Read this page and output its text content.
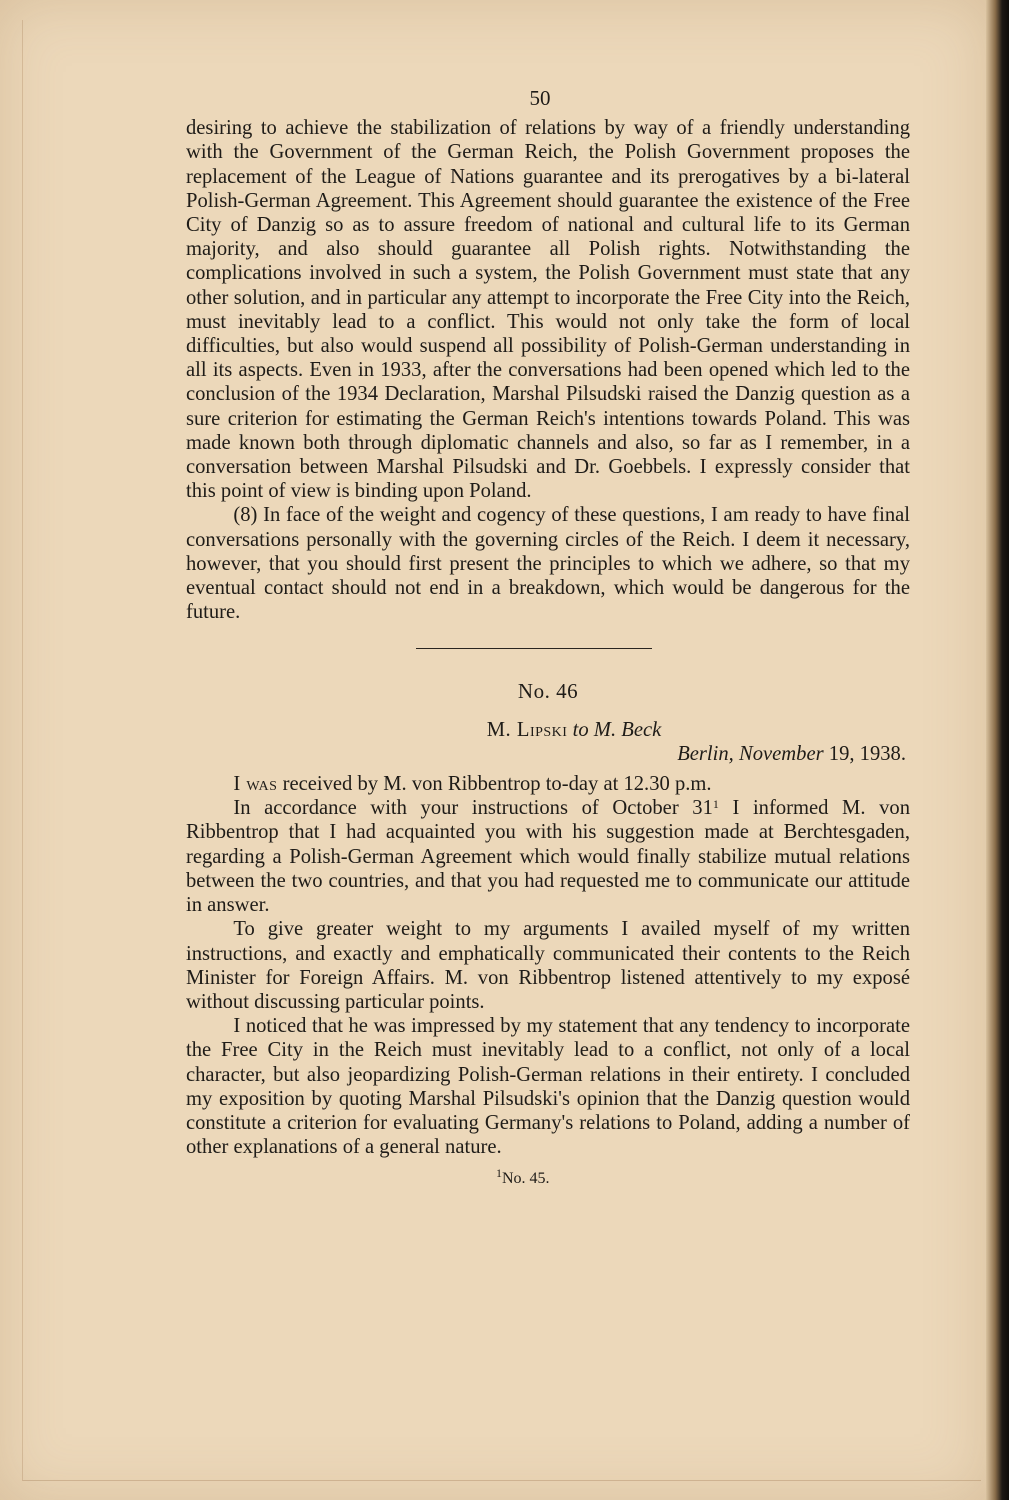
50

desiring to achieve the stabilization of relations by way of a friendly understanding with the Government of the German Reich, the Polish Government proposes the replacement of the League of Nations guarantee and its prerogatives by a bi-lateral Polish-German Agreement. This Agreement should guarantee the existence of the Free City of Danzig so as to assure freedom of national and cultural life to its German majority, and also should guarantee all Polish rights. Notwithstanding the complications involved in such a system, the Polish Government must state that any other solution, and in particular any attempt to incorporate the Free City into the Reich, must inevitably lead to a conflict. This would not only take the form of local difficulties, but also would suspend all possibility of Polish-German understanding in all its aspects. Even in 1933, after the conversations had been opened which led to the conclusion of the 1934 Declaration, Marshal Pilsudski raised the Danzig question as a sure criterion for estimating the German Reich's intentions towards Poland. This was made known both through diplomatic channels and also, so far as I remember, in a conversation between Marshal Pilsudski and Dr. Goebbels. I expressly consider that this point of view is binding upon Poland.

(8) In face of the weight and cogency of these questions, I am ready to have final conversations personally with the governing circles of the Reich. I deem it necessary, however, that you should first present the principles to which we adhere, so that my eventual contact should not end in a breakdown, which would be dangerous for the future.

No. 46
M. Lipski to M. Beck
Berlin, November 19, 1938.

I was received by M. von Ribbentrop to-day at 12.30 p.m.

In accordance with your instructions of October $31^1$ I informed M. von Ribbentrop that I had acquainted you with his suggestion made at Berchtesgaden, regarding a Polish-German Agreement which would finally stabilize mutual relations between the two countries, and that you had requested me to communicate our attitude in answer.

To give greater weight to my arguments I availed myself of my written instructions, and exactly and emphatically communicated their contents to the Reich Minister for Foreign Affairs. M. von Ribbentrop listened attentively to my exposé without discussing particular points.

I noticed that he was impressed by my statement that any tendency to incorporate the Free City in the Reich must inevitably lead to a conflict, not only of a local character, but also jeopardizing Polish-German relations in their entirety. I concluded my exposition by quoting Marshal Pilsudski's opinion that the Danzig question would constitute a criterion for evaluating Germany's relations to Poland, adding a number of other explanations of a general nature.

$^1$No. 45.
